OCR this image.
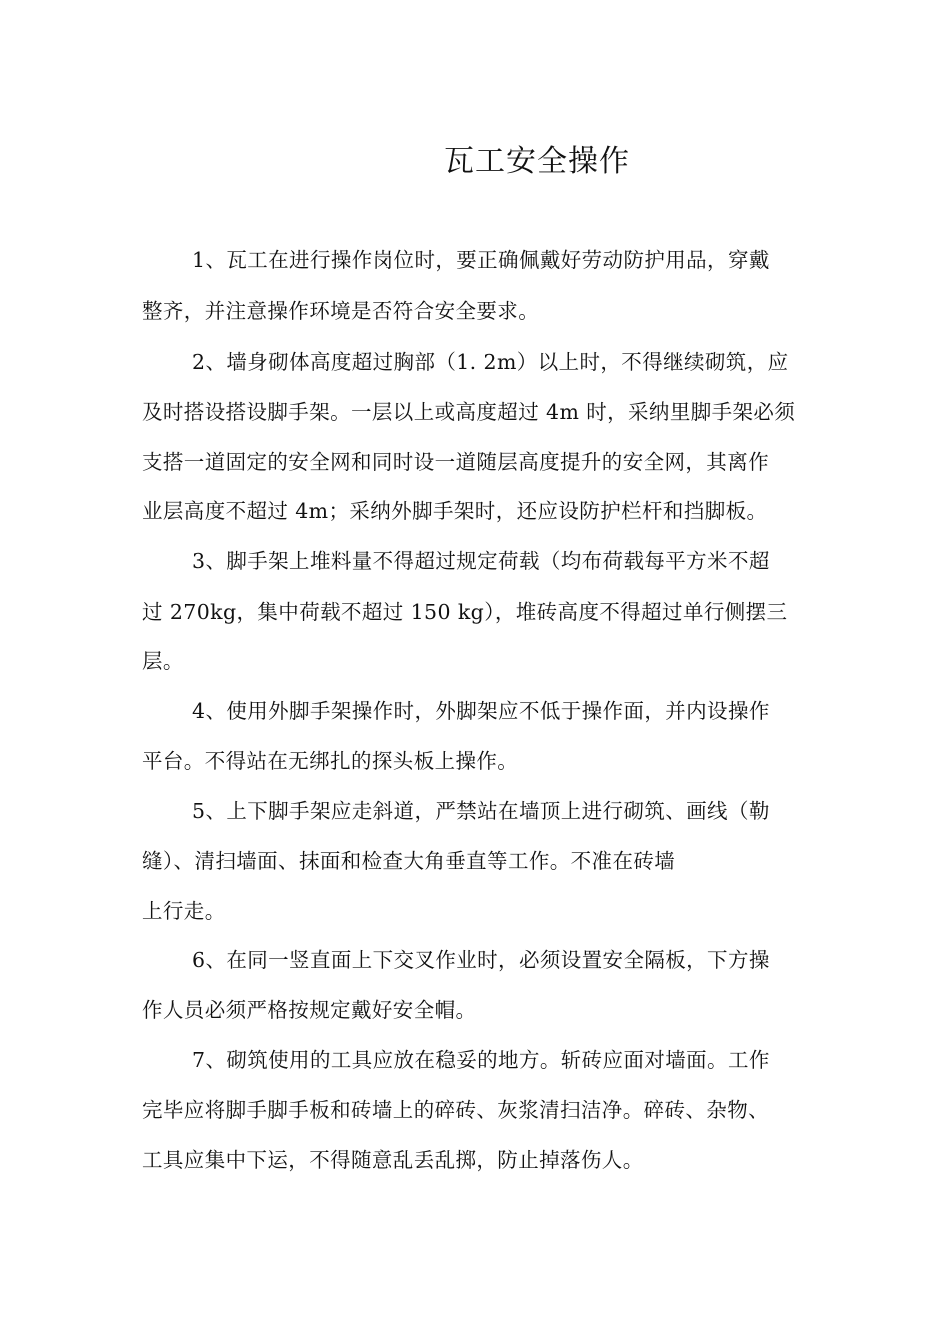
瓦工安全操作
1、瓦工在进行操作岗位时，要正确佩戴好劳动防护用品，穿戴
整齐，并注意操作环境是否符合安全要求。
2、墙身砌体高度超过胸部（1. 2m）以上时，不得继续砌筑，应
及时搭设搭设脚手架。一层以上或高度超过 4m 时，采纳里脚手架必须
支搭一道固定的安全网和同时设一道随层高度提升的安全网，其离作
业层高度不超过 4m；采纳外脚手架时，还应设防护栏杆和挡脚板。
3、脚手架上堆料量不得超过规定荷载（均布荷载每平方米不超
过 270kg，集中荷载不超过 150 kg），堆砖高度不得超过单行侧摆三
层。
4、使用外脚手架操作时，外脚架应不低于操作面，并内设操作
平台。不得站在无绑扎的探头板上操作。
5、上下脚手架应走斜道，严禁站在墙顶上进行砌筑、画线（勒
缝）、清扫墙面、抹面和检查大角垂直等工作。不准在砖墙
上行走。
6、在同一竖直面上下交叉作业时，必须设置安全隔板，下方操
作人员必须严格按规定戴好安全帽。
7、砌筑使用的工具应放在稳妥的地方。斩砖应面对墙面。工作
完毕应将脚手脚手板和砖墙上的碎砖、灰浆清扫洁净。碎砖、杂物、
工具应集中下运，不得随意乱丢乱掷，防止掉落伤人。
